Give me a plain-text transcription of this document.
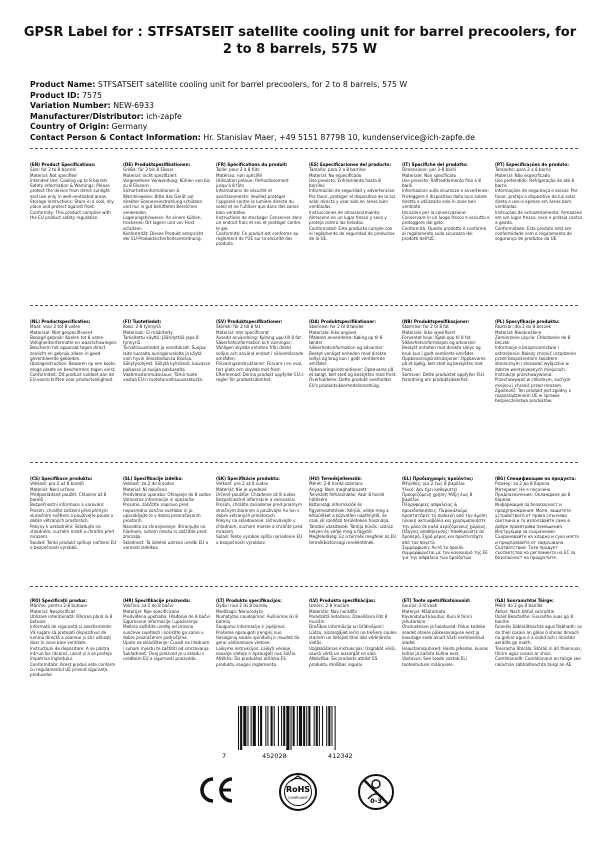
GPSR Label for : STFSATSEIT satellite cooling unit for barrel precoolers, for 2 to 8 barrels, 575 W
Product Name: STFSATSEIT satellite cooling unit for barrel precoolers, for 2 to 8 barrels, 575 W
Product ID: 7575
Variation Number: NEW-6933
Manufacturer/Distributor: ich-zapfe
Country of Origin: Germany
Contact Person & Contact Information: Hr. Stanislav Maer, +49 5151 87798 10, kundenservice@ich-zapfe.de
(EN) Product Specifications:

Size: for 2 to 8 barrels
Material: Not specified
Intended Use: Cooling up to 8 barrels
Safety Information & Warnings: Please protect the device from direct sunlight and use only in well-ventilated areas.
Storage Instructions: Store in a cool, dry place and protect against frost.
Conformity: This product complies with the EU product safety regulation.

(DE) Produktspezifikationen:

Größe: für 2 bis 8 Fässer
Material: nicht spezifiziert
Vorgesehene Verwendung: Kühlen von bis zu 8 Fässern
Sicherheitsinformationen & Warnhinweise: Bitte das Gerät vor direkter Sonneneinstrahlung schützen und nur in gut belüfteten Bereichen verwenden.
Lagerungshinweise: An einem kühlen, trockenen Ort lagern und vor Frost schützen.
Konformität: Dieses Produkt entspricht der EU-Produktsicherheitsverordnung.

(FR) Spécifications du produit:

Taille: pour 2 à 8 fûts
Matériau: non spécifié
Utilisation prévue: Refroidissement jusqu'à 8 fûts
Informations de sécurité et avertissements: Veuillez protéger l'appareil contre la lumière directe du soleil et ne l'utiliser que dans des zones bien ventilées.
Instructions de stockage: Conserver dans un endroit frais et sec et protéger contre le gel.
Conformité: Ce produit est conforme au règlement de l'UE sur la sécurité des produits.

(ES) Especificaciones del producto:

Tamaño: para 2 a 8 barriles
Material: No especificado
Uso previsto: Enfriamiento hasta 8 barriles
Información de seguridad y advertencias: Por favor, proteger el dispositivo de la luz solar directa y usar solo en áreas bien ventiladas.
Instrucciones de almacenamiento: Almacene en un lugar fresco y seco y proteja contra las heladas.
Conformidad: Este producto cumple con el reglamento de seguridad de productos de la UE.

(IT) Specifiche del prodotto:

Dimensione: per 2-8 barili
Materiale: Non specificato
Uso previsto: Raffreddamento fino a 8 barili
Informazioni sulla sicurezza e avvertenze: Proteggere il dispositivo dalla luce solare diretta e utilizzarlo solo in zone ben ventilate.
Istruzioni per la conservazione: Conservare in un luogo fresco e asciutto e proteggere dal gelo.
Conformità: Questo prodotto è conforme al regolamento sulla sicurezza dei prodotti dell'UE.

(PT) Especificações do produto:

Tamanho: para 2 a 8 barris
Material: Não especificado
Uso pretendido: Refrigeração de até 8 barris
Informações de segurança e avisos: Por favor, proteja o dispositivo da luz solar direta e use-o apenas em áreas bem ventiladas.
Instruções de armazenamento: Armazene em um lugar fresco, seco e proteja contra a geada.
Conformidade: Este produto está em conformidade com o regulamento de segurança de produtos da UE.

(NL) Productspecificaties:

Maat: voor 2 tot 8 vaten
Materiaal: Niet gespecificeerd
Beoogd gebruik: Koelen tot 8 vaten
Veiligheidsinformatie en waarschuwingen: Bescherm het apparaat tegen direct zonlicht en gebruik alleen in goed geventileerde gebieden.
Opslaginstructies: Bewaren op een koele, droge plaats en beschermen tegen vorst.
Conformiteit: Dit product voldoet aan de EU-voorschriften voor productveiligheid.

(FI) Tuotetiedot:

Koko: 2-8 tynnyriä
Materiaali: Ei määritelty
Tarkoitettu käyttö: Jäähdyttää jopa 8 tynnyriä
Turvallisuustiedot ja varoitukset: Suojaa laite suoralta auringonvalolta ja käytä vain hyvin ilmastoiduissa tiloissa.
Säilytysohjeet: Säilytä kylmässä, kuivassa paikassa ja suojaa pakkaselta.
Vaatimustenmukaisuus: Tämä tuote vastaa EU:n tuoteturvallisuusasetusta.

(SV) Produktspecifikationer:

Storlek: för 2 till 8 fat
Material: Inte specificerat
Avsedd användning: Kylning upp till 8 fat
Säkerhetsinformation och varningar: Vänligen skydda enheten från direkt solljus och använd endast i välventilerade områden.
Förvaringsinstruktioner: Förvara i en sval, torr plats och skydda mot frost.
Efterlevnad: Denna produkt uppfyller EU:s regler för produktsäkerhet.

(DA) Produktspecifikationer:

Størrelse: for 2 til 8 tønder
Materiale: Ikke angivet
Påtænkt anvendelse: Køling op til 8 tønder
Sikkerhedsinformation og advarsler: Beskyt venligst enheden mod direkte sollys og brug kun i godt ventilerede områder.
Opbevaringsinstruktioner: Opbevares på et køligt, tørt sted og beskyttes mod frost.
Overholdelse: Dette produkt overholder EU's produktsikkerhedsforordning.

(NB) Produktspesifikasjoner:

Størrelse: for 2 til 8 fat
Materiale: Ikke spesifisert
Forventet bruk: Kjøle opp til 8 fat
Sikkerhetsinformasjon og advarsler: Beskytt enheten mot direkte sollys og bruk kun i godt ventilerte områder.
Oppbevaringsinstruksjoner: Oppbevares på et kjølig, tørt sted og beskyttes mot frost.
Samsvar: Dette produktet oppfyller EUs forordning om produktsikkerhet.

(PL) Specyfikacje produktu:

Rozmiar: dla 2 do 8 beczek
Materiał: Nieokreślone
Zamierzone użycie: Chłodzenie do 8 beczek
Informacje o bezpieczeństwie i ostrzeżenia: Należy chronić urządzenie przed bezpośrednim światłem słonecznym i stosować wyłącznie w dobrze wentylowanych miejscach.
Instrukcje przechowywania: Przechowywać w chłodnym, suchym miejscu i chronić przed mrozem.
Zgodność: Ten produkt jest zgodny z rozporządzeniem UE w sprawie bezpieczeństwa produktów.

(CS) Specifikace produktu:

Velikost: pro 2 až 8 barelů
Materiál: Není určeno
Předpokládané použití: Chlazení až 8 barelů
Bezpečnostní informace a varování: Prosím, chraňte zařízení před přímým slunečním světlem a používejte pouze v dobře větraných prostorách.
Pokyny k uskladnění: Skladujte na chladném, suchém místě a chraňte před mrazem.
Soulad: Tento produkt splňuje nařízení EU o bezpečnosti výrobků.

(SL) Specifikacije izdelka:

Velikost: za 2 do 8 sodov
Material: Ni določeno
Predvidena uporaba: Ohlajanje do 8 sodov
Varnostne informacije in opozorila: Prosimo, zaščitite napravo pred neposredno sončno svetlobo in jo uporabljajte le v dobro prezračevanih prostorih.
Navodila za shranjevanje: Shranjujte na hladnem, suhem mestu in zaščitite pred zmrzaljo.
Skladnost: Ta izdelek ustreza uredbi EU o varnosti izdelkov.

(SK) Špecifikácie produktu:

Veľkosť: pre 2 až 8 sudov
Materiál: Nie je uvedené
Určené použitie: Chladenie až 8 sudov
Bezpečnostné informácie a varovania: Prosím, chráňte zariadenie pred priamym slnečným žiarením a používajte ho len v dobre vetraných priestoroch.
Pokyny na skladovanie: Uchovávajte v chladnom, suchom mieste a chráňte pred mrazom.
Súlad: Tento výrobok spĺňa nariadenie EÚ o bezpečnosti výrobkov.

(HU) Termékjellemzők:

Méret: 2-8 hordó számára
Anyag: Nem meghatározott
Tervezett felhasználás: Akár 8 hordó hűtésére
Biztonsági információk és figyelmeztetések: Kérjük, védje meg a készüléket a közvetlen napfénytől, és csak jól szellőző területeken használja.
Tárolási utasítások: Tárolja hűvös, száraz helyen és védje meg a fagytól.
Megfelelőség: Ez a termék megfelel az EU termékbiztonsági rendeletének.

(EL) Προδιαγραφές προϊόντος:

Μέγεθος: για 2 έως 8 βαρέλια
Υλικό: Δεν έχει καθοριστεί
Προοριζόμενη χρήση: Ψύξη έως 8 βαρέλια
Πληροφορίες ασφαλείας & προειδοποιήσεις: Παρακαλούμε προστατέψτε τη συσκευή από την άμεση ηλιακή ακτινοβολία και χρησιμοποιήστε την μόνο σε καλά αεριζόμενους χώρους.
Οδηγίες αποθήκευσης: Αποθηκεύστε σε δροσερό, ξηρό μέρος και προστατέψτε από τον παγετό.
Συμμόρφωση: Αυτό το προϊόν συμμορφώνεται με τον κανονισμό της ΕΕ για την ασφάλεια των προϊόντων.

(BG) Спецификации на продукта:

Размер: за 2 до 8 барела
Материал: Не е посочено
Предназначение: Охлаждане до 8 барела
Информация за безопасност и предупреждения: Моля, защитете устройството от пряка слънчева светлина и го използвайте само в добре проветриви помещения.
Инструкции за съхранение: Съхранявайте на хладно и сухо място и предпазвайте от замръзване.
Съответствие: Този продукт съответства на регламента на ЕС за безопасност на продуктите.

(RO) Specificații produs:

Mărime: pentru 2-8 butoaie
Material: Nespecificat
Utilizare intenționată: Răcirea până la 8 butoaie
Informații de siguranță și avertismente: Vă rugăm să protejați dispozitivul de lumina directă a soarelui și să-l utilizați doar în zone bine ventilate.
Instrucțiuni de depozitare: A se păstra într-un loc răcoros, uscat și a se proteja împotriva înghețului.
Conformitate: Acest produs este conform cu regulamentul UE privind siguranța produselor.

(HR) Specifikacije proizvoda:

Veličina: za 2 do 8 bačvi
Materijal: Nije specificirano
Predviđena upotreba: Hlađenje do 8 bačvi
Sigurnosne informacije i upozorenja: Molimo zaštitite uređaj od izravne sunčeve svjetlosti i koristite ga samo u dobro prozračenim područjima.
Upute za skladištenje: Čuvati na hladnom i suhom mjestu te zaštititi od smrzavanja.
Sukladnost: Ovaj proizvod je u skladu s uredbom EU o sigurnosti proizvoda.

(LT) Produkto specifikacijos:

Dydis: nuo 2 iki 8 barelių
Medžiaga: Nenurodyta
Numatytas naudojimas: Aušinimas iki 8 barelių
Saugumo informacija ir įspėjimai: Prašome apsaugoti įrenginį nuo tiesioginių saulės spindulių ir naudoti tik gerai vėdinamose vietose.
Laikymo instrukcijos: Laikyti vėsioje, sausoje vietoje ir apsaugoti nuo šalčio.
Atitiktis: Šis produktas atitinka ES produktų saugos reglamentą.

(LV) Produkta specifikācijas:

Izmērs: 2-8 mucām
Materiāls: Nav norādīts
Paredzētā lietošana: Dzesēšana līdz 8 mucām
Drošības informācija un brīdinājumi: Lūdzu, aizsargājiet ierīci no tiešiem saules stariem un lietojiet tikai labi vēdināmās vietās.
Uzglabāšanas instrukcijas: Uzglabāt vēsā, sausā vietā un aizsargāt no sala.
Atbilstība: Šis produkts atbilst ES produktu drošības regulai.

(ET) Toote spetsifikatsioonid:

Suurus: 2-8 vaati
Materjal: Määramata
Kavandatud kasutus: Kuni 8 tünni jahutamine
Ohutusteave ja hoiatused: Palun kaitske seadet otsese päikesevalguse eest ja kasutage seda ainult hästi ventileeritud aladel.
Hoiustamisjuhised: Hoida jahedas, kuivas kohas ja kaitsta külma eest.
Vastavus: See toode vastab ELi tooteohutuse määrusele.

(GA) Sonraíochtaí Táirge:

Méid: do 2 go 8 bairille
Ábhar: Nach bhfuil sonraithe
Úsáid Beartaithe: Fuaraithe suas go 8 bairille
Faisnéis Sábháilteachta agus Rabhadh: Le do thoil cosain an gléas ó sholas díreach na gréine agus é a úsáid ach i limistéir aeráilte go maith.
Treoracha Stórála: Stóráil in áit fhionnuar, thirim agus cosain ar shioc.
Comhlíonadh: Comhlíonann an táirge seo rialachán sábháilteachta táirgí an AE.

7	452028	412342
RoHS
COMPLIANT	0-3
